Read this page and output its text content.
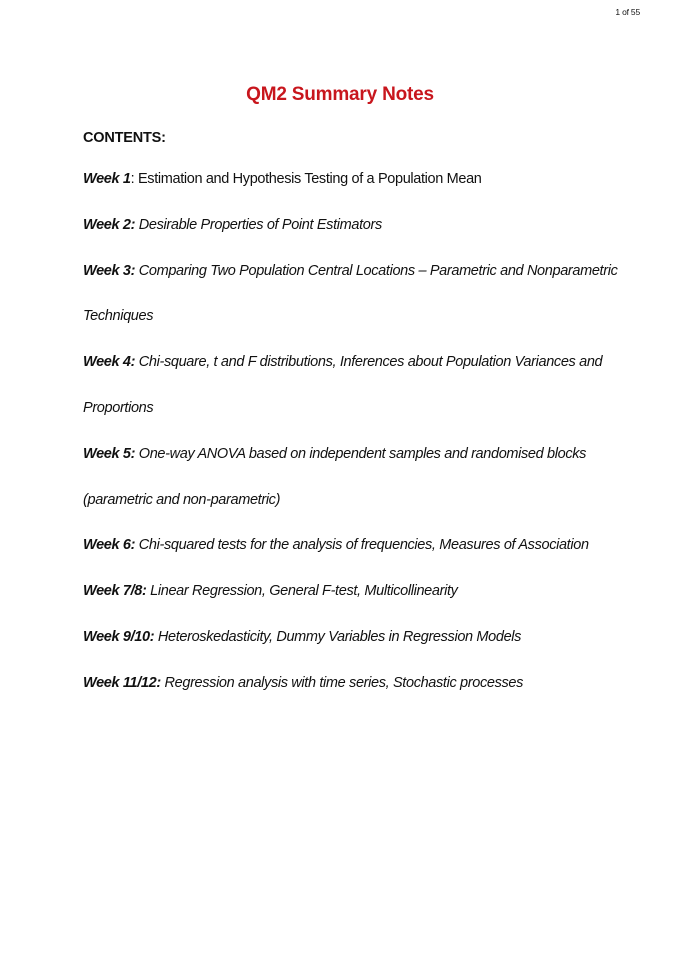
1 of 55
QM2 Summary Notes
CONTENTS:
Week 1: Estimation and Hypothesis Testing of a Population Mean
Week 2: Desirable Properties of Point Estimators
Week 3: Comparing Two Population Central Locations – Parametric and Nonparametric Techniques
Week 4: Chi-square, t and F distributions, Inferences about Population Variances and Proportions
Week 5: One-way ANOVA based on independent samples and randomised blocks (parametric and non-parametric)
Week 6: Chi-squared tests for the analysis of frequencies, Measures of Association
Week 7/8: Linear Regression, General F-test, Multicollinearity
Week 9/10: Heteroskedasticity, Dummy Variables in Regression Models
Week 11/12: Regression analysis with time series, Stochastic processes
